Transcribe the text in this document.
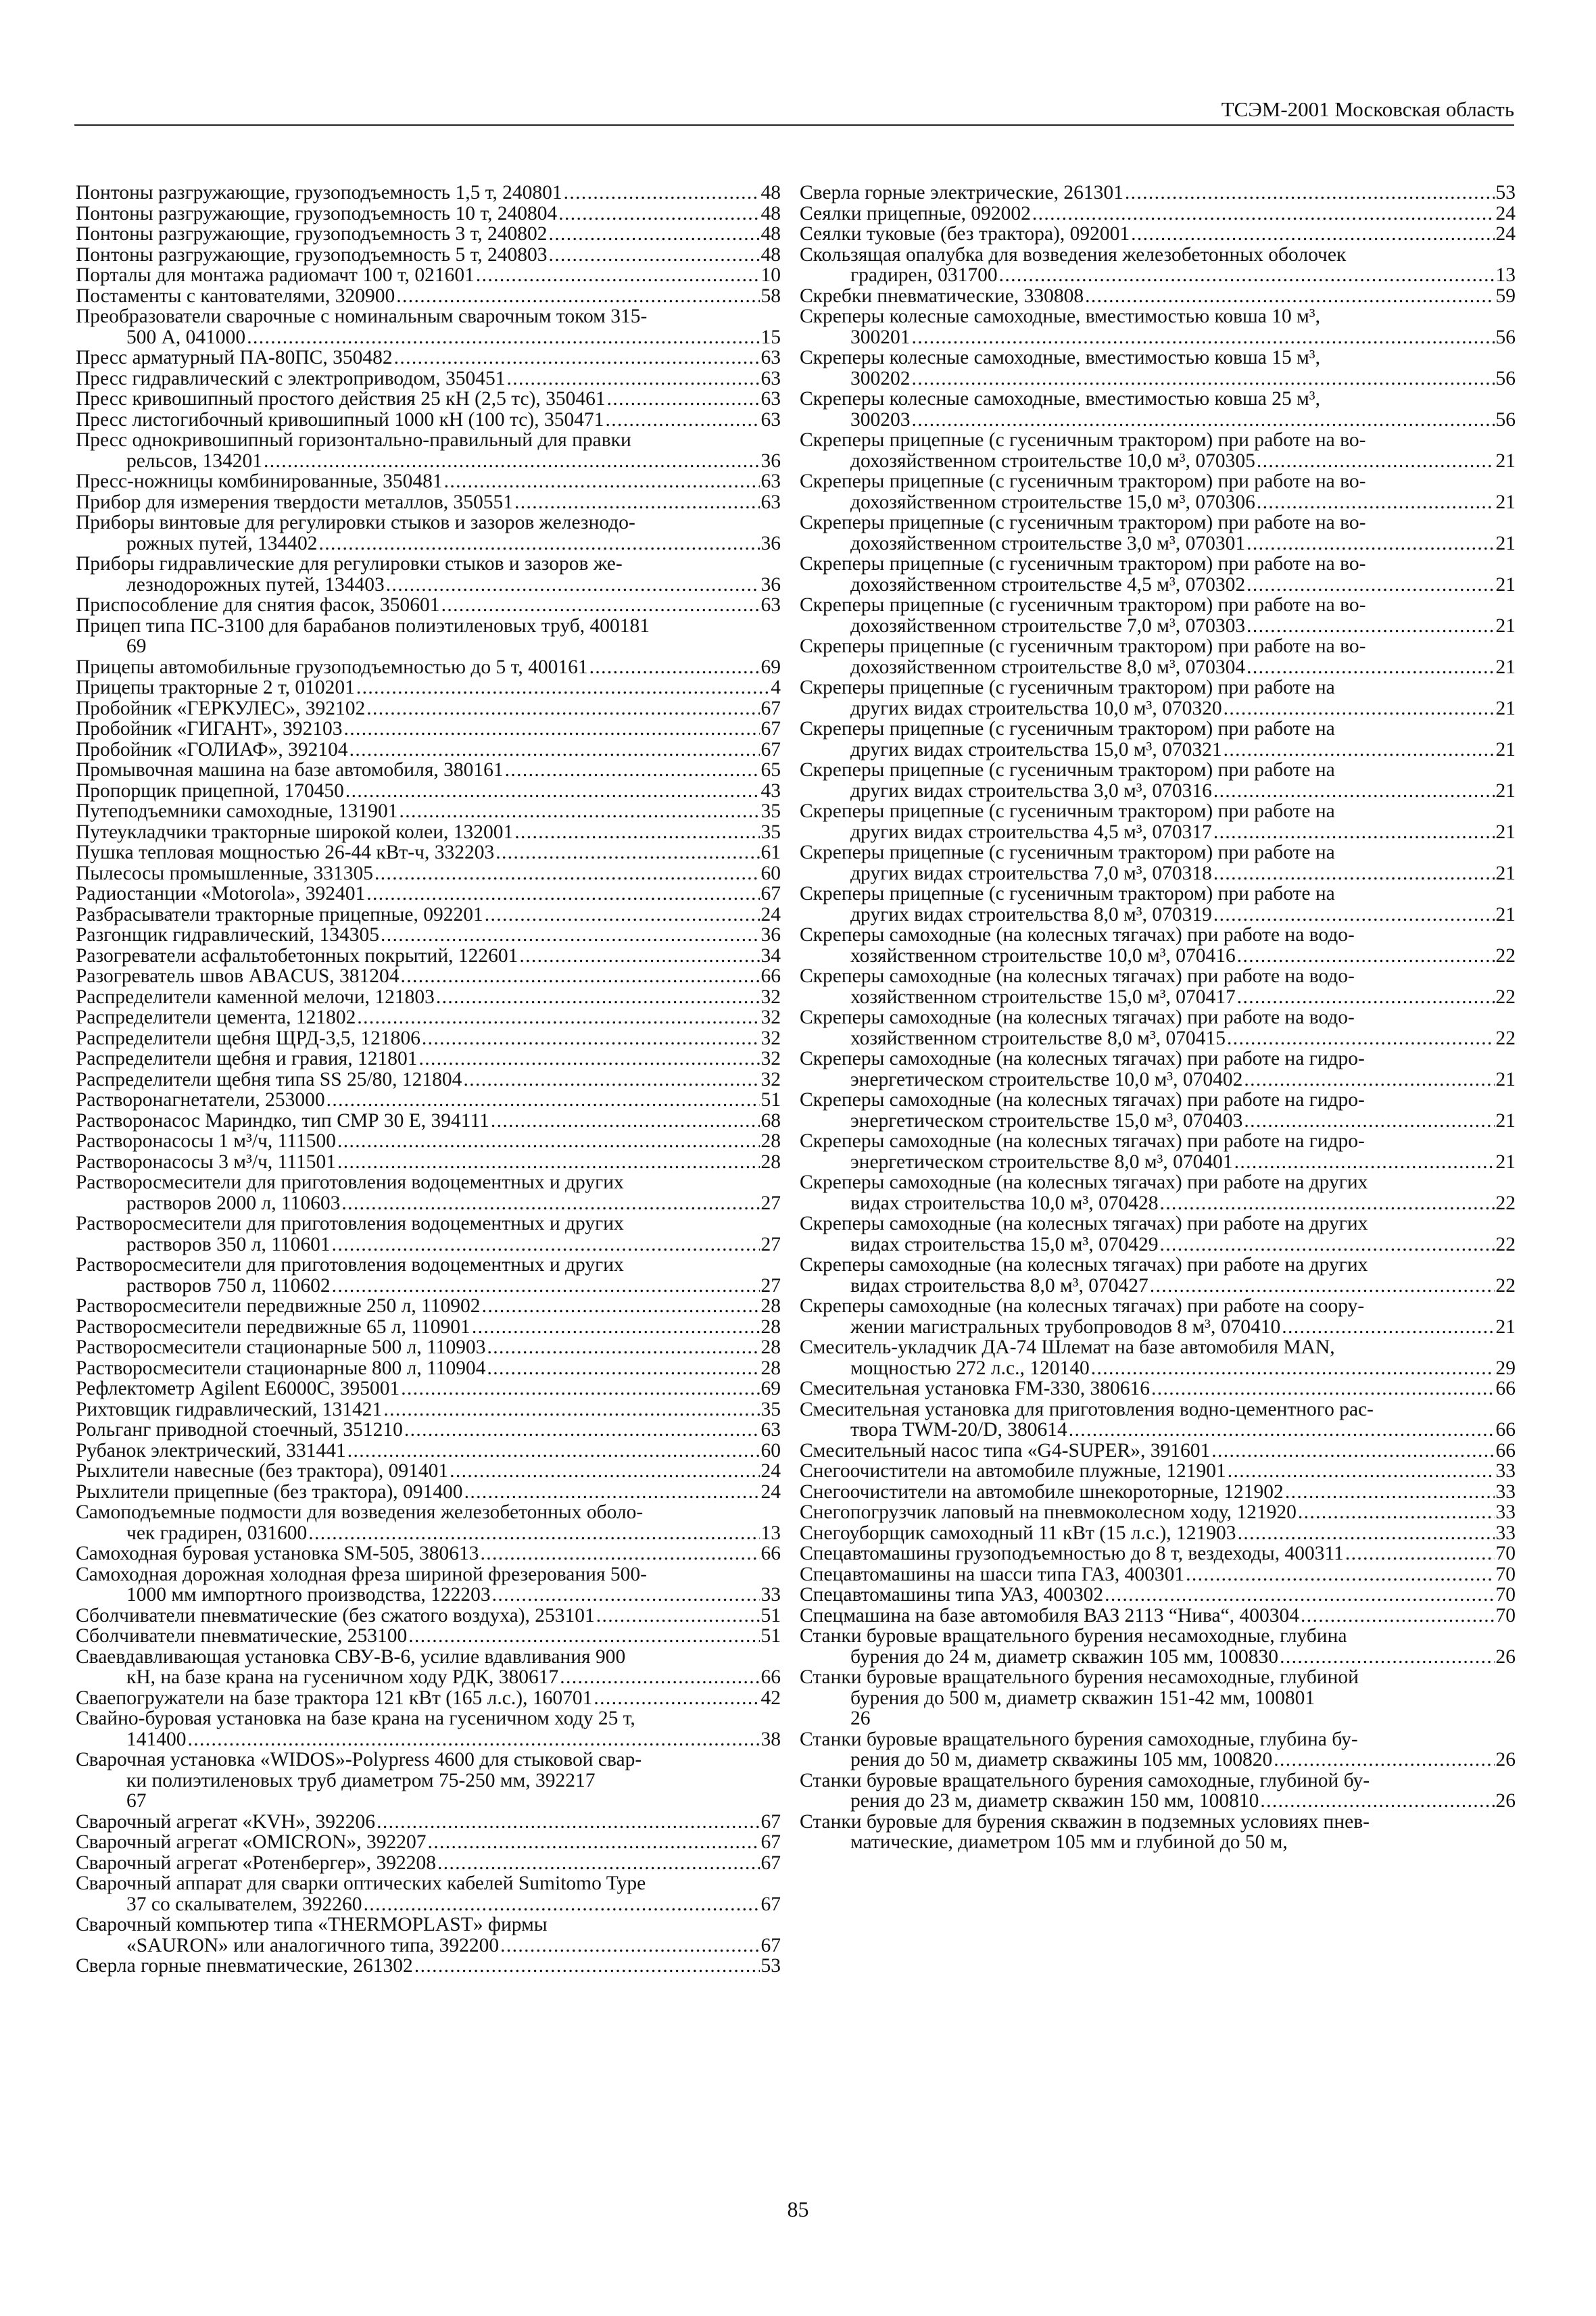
ТСЭМ-2001 Московская область
Понтоны разгружающие, грузоподъемность 1,5 т, 240801 . . .	48
Понтоны разгружающие, грузоподъемность 10 т, 240804 . . .	48
Понтоны разгружающие, грузоподъемность 3 т, 240802 . . .	48
Понтоны разгружающие, грузоподъемность 5 т, 240803 . . .	48
Порталы для монтажа радиомачт 100 т, 021601 . . .	10
Постаменты с кантователями, 320900 . . .	58
Преобразователи сварочные с номинальным сварочным током 315-
500 А, 041000 . . .	15
Пресс арматурный ПА-80ПС, 350482 . . .	63
Пресс гидравлический с электроприводом, 350451 . . .	63
Пресс кривошипный простого действия 25 кН (2,5 тс), 350461 . . .	63
Пресс листогибочный кривошипный 1000 кН (100 тс), 350471 . . .	63
Пресс однокривошипный горизонтально-правильный для правки
рельсов, 134201 . . .	36
Пресс-ножницы комбинированные, 350481 . . .	63
Прибор для измерения твердости металлов, 350551 . . .	63
Приборы винтовые для регулировки стыков и зазоров железнодо-
рожных путей, 134402 . . .	36
Приборы гидравлические для регулировки стыков и зазоров же-
лезнодорожных путей, 134403 . . .	36
Приспособление для снятия фасок, 350601 . . .	63
Прицеп типа ПС-3100 для барабанов полиэтиленовых труб, 400181
69
Прицепы автомобильные грузоподъемностью до 5 т, 400161 . . .	69
Прицепы тракторные 2 т, 010201 . . .	4
Пробойник «ГЕРКУЛЕС», 392102 . . .	67
Пробойник «ГИГАНТ», 392103 . . .	67
Пробойник «ГОЛИАФ», 392104 . . .	67
Промывочная машина на базе автомобиля, 380161 . . .	65
Пропорщик прицепной, 170450 . . .	43
Путеподъемники самоходные, 131901 . . .	35
Путеукладчики тракторные широкой колеи, 132001 . . .	35
Пушка тепловая мощностью 26-44 кВт-ч, 332203 . . .	61
Пылесосы промышленные, 331305 . . .	60
Радиостанции «Motorola», 392401 . . .	67
Разбрасыватели тракторные прицепные, 092201 . . .	24
Разгонщик гидравлический, 134305 . . .	36
Разогреватели асфальтобетонных покрытий, 122601 . . .	34
Разогреватель швов ABACUS, 381204 . . .	66
Распределители каменной мелочи, 121803 . . .	32
Распределители цемента, 121802 . . .	32
Распределители щебня ЩРД-3,5, 121806 . . .	32
Распределители щебня и гравия, 121801 . . .	32
Распределители щебня типа SS 25/80, 121804 . . .	32
Растворонагнетатели, 253000 . . .	51
Растворонасос Мариндко, тип СМР 30 Е, 394111 . . .	68
Растворонасосы 1 м³/ч, 111500 . . .	28
Растворонасосы 3 м³/ч, 111501 . . .	28
Растворосмесители для приготовления водоцементных и других
растворов 2000 л, 110603 . . .	27
Растворосмесители для приготовления водоцементных и других
растворов 350 л, 110601 . . .	27
Растворосмесители для приготовления водоцементных и других
растворов 750 л, 110602 . . .	27
Растворосмесители передвижные 250 л, 110902 . . .	28
Растворосмесители передвижные 65 л, 110901 . . .	28
Растворосмесители стационарные 500 л, 110903 . . .	28
Растворосмесители стационарные 800 л, 110904 . . .	28
Рефлектометр Agilent E6000C, 395001 . . .	69
Рихтовщик гидравлический, 131421 . . .	35
Рольганг приводной стоечный, 351210 . . .	63
Рубанок электрический, 331441 . . .	60
Рыхлители навесные (без трактора), 091401 . . .	24
Рыхлители прицепные (без трактора), 091400 . . .	24
Самоподъемные подмости для возведения железобетонных оболо-
чек градирен, 031600 . . .	13
Самоходная буровая установка SM-505, 380613 . . .	66
Самоходная дорожная холодная фреза шириной фрезерования 500-
1000 мм импортного производства, 122203 . . .	33
Сболчиватели пневматические (без сжатого воздуха), 253101 . . .	51
Сболчиватели пневматические, 253100 . . .	51
Сваевдавливающая установка СВУ-В-6, усилие вдавливания 900
кН, на базе крана на гусеничном ходу РДК, 380617 . . .	66
Сваепогружатели на базе трактора 121 кВт (165 л.с.), 160701 . . .	42
Свайно-буровая установка на базе крана на гусеничном ходу 25 т,
141400 . . .	38
Сварочная установка «WIDOS»-Polypress 4600 для стыковой свар-
ки полиэтиленовых труб диаметром 75-250 мм, 392217
67
Сварочный агрегат «KVH», 392206 . . .	67
Сварочный агрегат «OMICRON», 392207 . . .	67
Сварочный агрегат «Ротенбергер», 392208 . . .	67
Сварочный аппарат для сварки оптических кабелей Sumitomo Type
37 со скалывателем, 392260 . . .	67
Сварочный компьютер типа «THERMOPLAST» фирмы
«SAURON» или аналогичного типа, 392200 . . .	67
Сверла горные пневматические, 261302 . . .	53
Сверла горные электрические, 261301 . . .	53
Сеялки прицепные, 092002 . . .	24
Сеялки туковые (без трактора), 092001 . . .	24
Скользящая опалубка для возведения железобетонных оболочек
градирен, 031700 . . .	13
Скребки пневматические, 330808 . . .	59
Скреперы колесные самоходные, вместимостью ковша 10 м³,
300201 . . .	56
Скреперы колесные самоходные, вместимостью ковша 15 м³,
300202 . . .	56
Скреперы колесные самоходные, вместимостью ковша 25 м³,
300203 . . .	56
Скреперы прицепные (с гусеничным трактором) при работе на во-
дохозяйственном строительстве 10,0 м³, 070305 . . .	21
Скреперы прицепные (с гусеничным трактором) при работе на во-
дохозяйственном строительстве 15,0 м³, 070306 . . .	21
Скреперы прицепные (с гусеничным трактором) при работе на во-
дохозяйственном строительстве 3,0 м³, 070301 . . .	21
Скреперы прицепные (с гусеничным трактором) при работе на во-
дохозяйственном строительстве 4,5 м³, 070302 . . .	21
Скреперы прицепные (с гусеничным трактором) при работе на во-
дохозяйственном строительстве 7,0 м³, 070303 . . .	21
Скреперы прицепные (с гусеничным трактором) при работе на во-
дохозяйственном строительстве 8,0 м³, 070304 . . .	21
Скреперы прицепные (с гусеничным трактором) при работе на
других видах строительства 10,0 м³, 070320 . . .	21
Скреперы прицепные (с гусеничным трактором) при работе на
других видах строительства 15,0 м³, 070321 . . .	21
Скреперы прицепные (с гусеничным трактором) при работе на
других видах строительства 3,0 м³, 070316 . . .	21
Скреперы прицепные (с гусеничным трактором) при работе на
других видах строительства 4,5 м³, 070317 . . .	21
Скреперы прицепные (с гусеничным трактором) при работе на
других видах строительства 7,0 м³, 070318 . . .	21
Скреперы прицепные (с гусеничным трактором) при работе на
других видах строительства 8,0 м³, 070319 . . .	21
Скреперы самоходные (на колесных тягачах) при работе на водо-
хозяйственном строительстве 10,0 м³, 070416 . . .	22
Скреперы самоходные (на колесных тягачах) при работе на водо-
хозяйственном строительстве 15,0 м³, 070417 . . .	22
Скреперы самоходные (на колесных тягачах) при работе на водо-
хозяйственном строительстве 8,0 м³, 070415 . . .	22
Скреперы самоходные (на колесных тягачах) при работе на гидро-
энергетическом строительстве 10,0 м³, 070402 . . .	21
Скреперы самоходные (на колесных тягачах) при работе на гидро-
энергетическом строительстве 15,0 м³, 070403 . . .	21
Скреперы самоходные (на колесных тягачах) при работе на гидро-
энергетическом строительстве 8,0 м³, 070401 . . .	21
Скреперы самоходные (на колесных тягачах) при работе на других
видах строительства 10,0 м³, 070428 . . .	22
Скреперы самоходные (на колесных тягачах) при работе на других
видах строительства 15,0 м³, 070429 . . .	22
Скреперы самоходные (на колесных тягачах) при работе на других
видах строительства 8,0 м³, 070427 . . .	22
Скреперы самоходные (на колесных тягачах) при работе на соору-
жении магистральных трубопроводов 8 м³, 070410 . . .	21
Смеситель-укладчик ДА-74 Шлемат на базе автомобиля MAN,
мощностью 272 л.с., 120140 . . .	29
Смесительная установка FM-330, 380616 . . .	66
Смесительная установка для приготовления водно-цементного рас-
твора TWM-20/D, 380614 . . .	66
Смесительный насос типа «G4-SUPER», 391601 . . .	66
Снегоочистители на автомобиле плужные, 121901 . . .	33
Снегоочистители на автомобиле шнекороторные, 121902 . . .	33
Снегопогрузчик лаповый на пневмоколесном ходу, 121920 . . .	33
Снегоуборщик самоходный 11 кВт (15 л.с.), 121903 . . .	33
Спецавтомашины грузоподъемностью до 8 т, вездеходы, 400311 . . .	70
Спецавтомашины на шасси типа ГАЗ, 400301 . . .	70
Спецавтомашины типа УАЗ, 400302 . . .	70
Спецмашина на базе автомобиля ВАЗ 2113 “Нива“, 400304 . . .	70
Станки буровые вращательного бурения несамоходные, глубина
бурения до 24 м, диаметр скважин 105 мм, 100830 . . .	26
Станки буровые вращательного бурения несамоходные, глубиной
бурения до 500 м, диаметр скважин 151-42 мм, 100801
26
Станки буровые вращательного бурения самоходные, глубина бу-
рения до 50 м, диаметр скважины 105 мм, 100820 . . .	26
Станки буровые вращательного бурения самоходные, глубиной бу-
рения до 23 м, диаметр скважин 150 мм, 100810 . . .	26
Станки буровые для бурения скважин в подземных условиях пнев-
матические, диаметром 105 мм и глубиной до 50 м,
85
